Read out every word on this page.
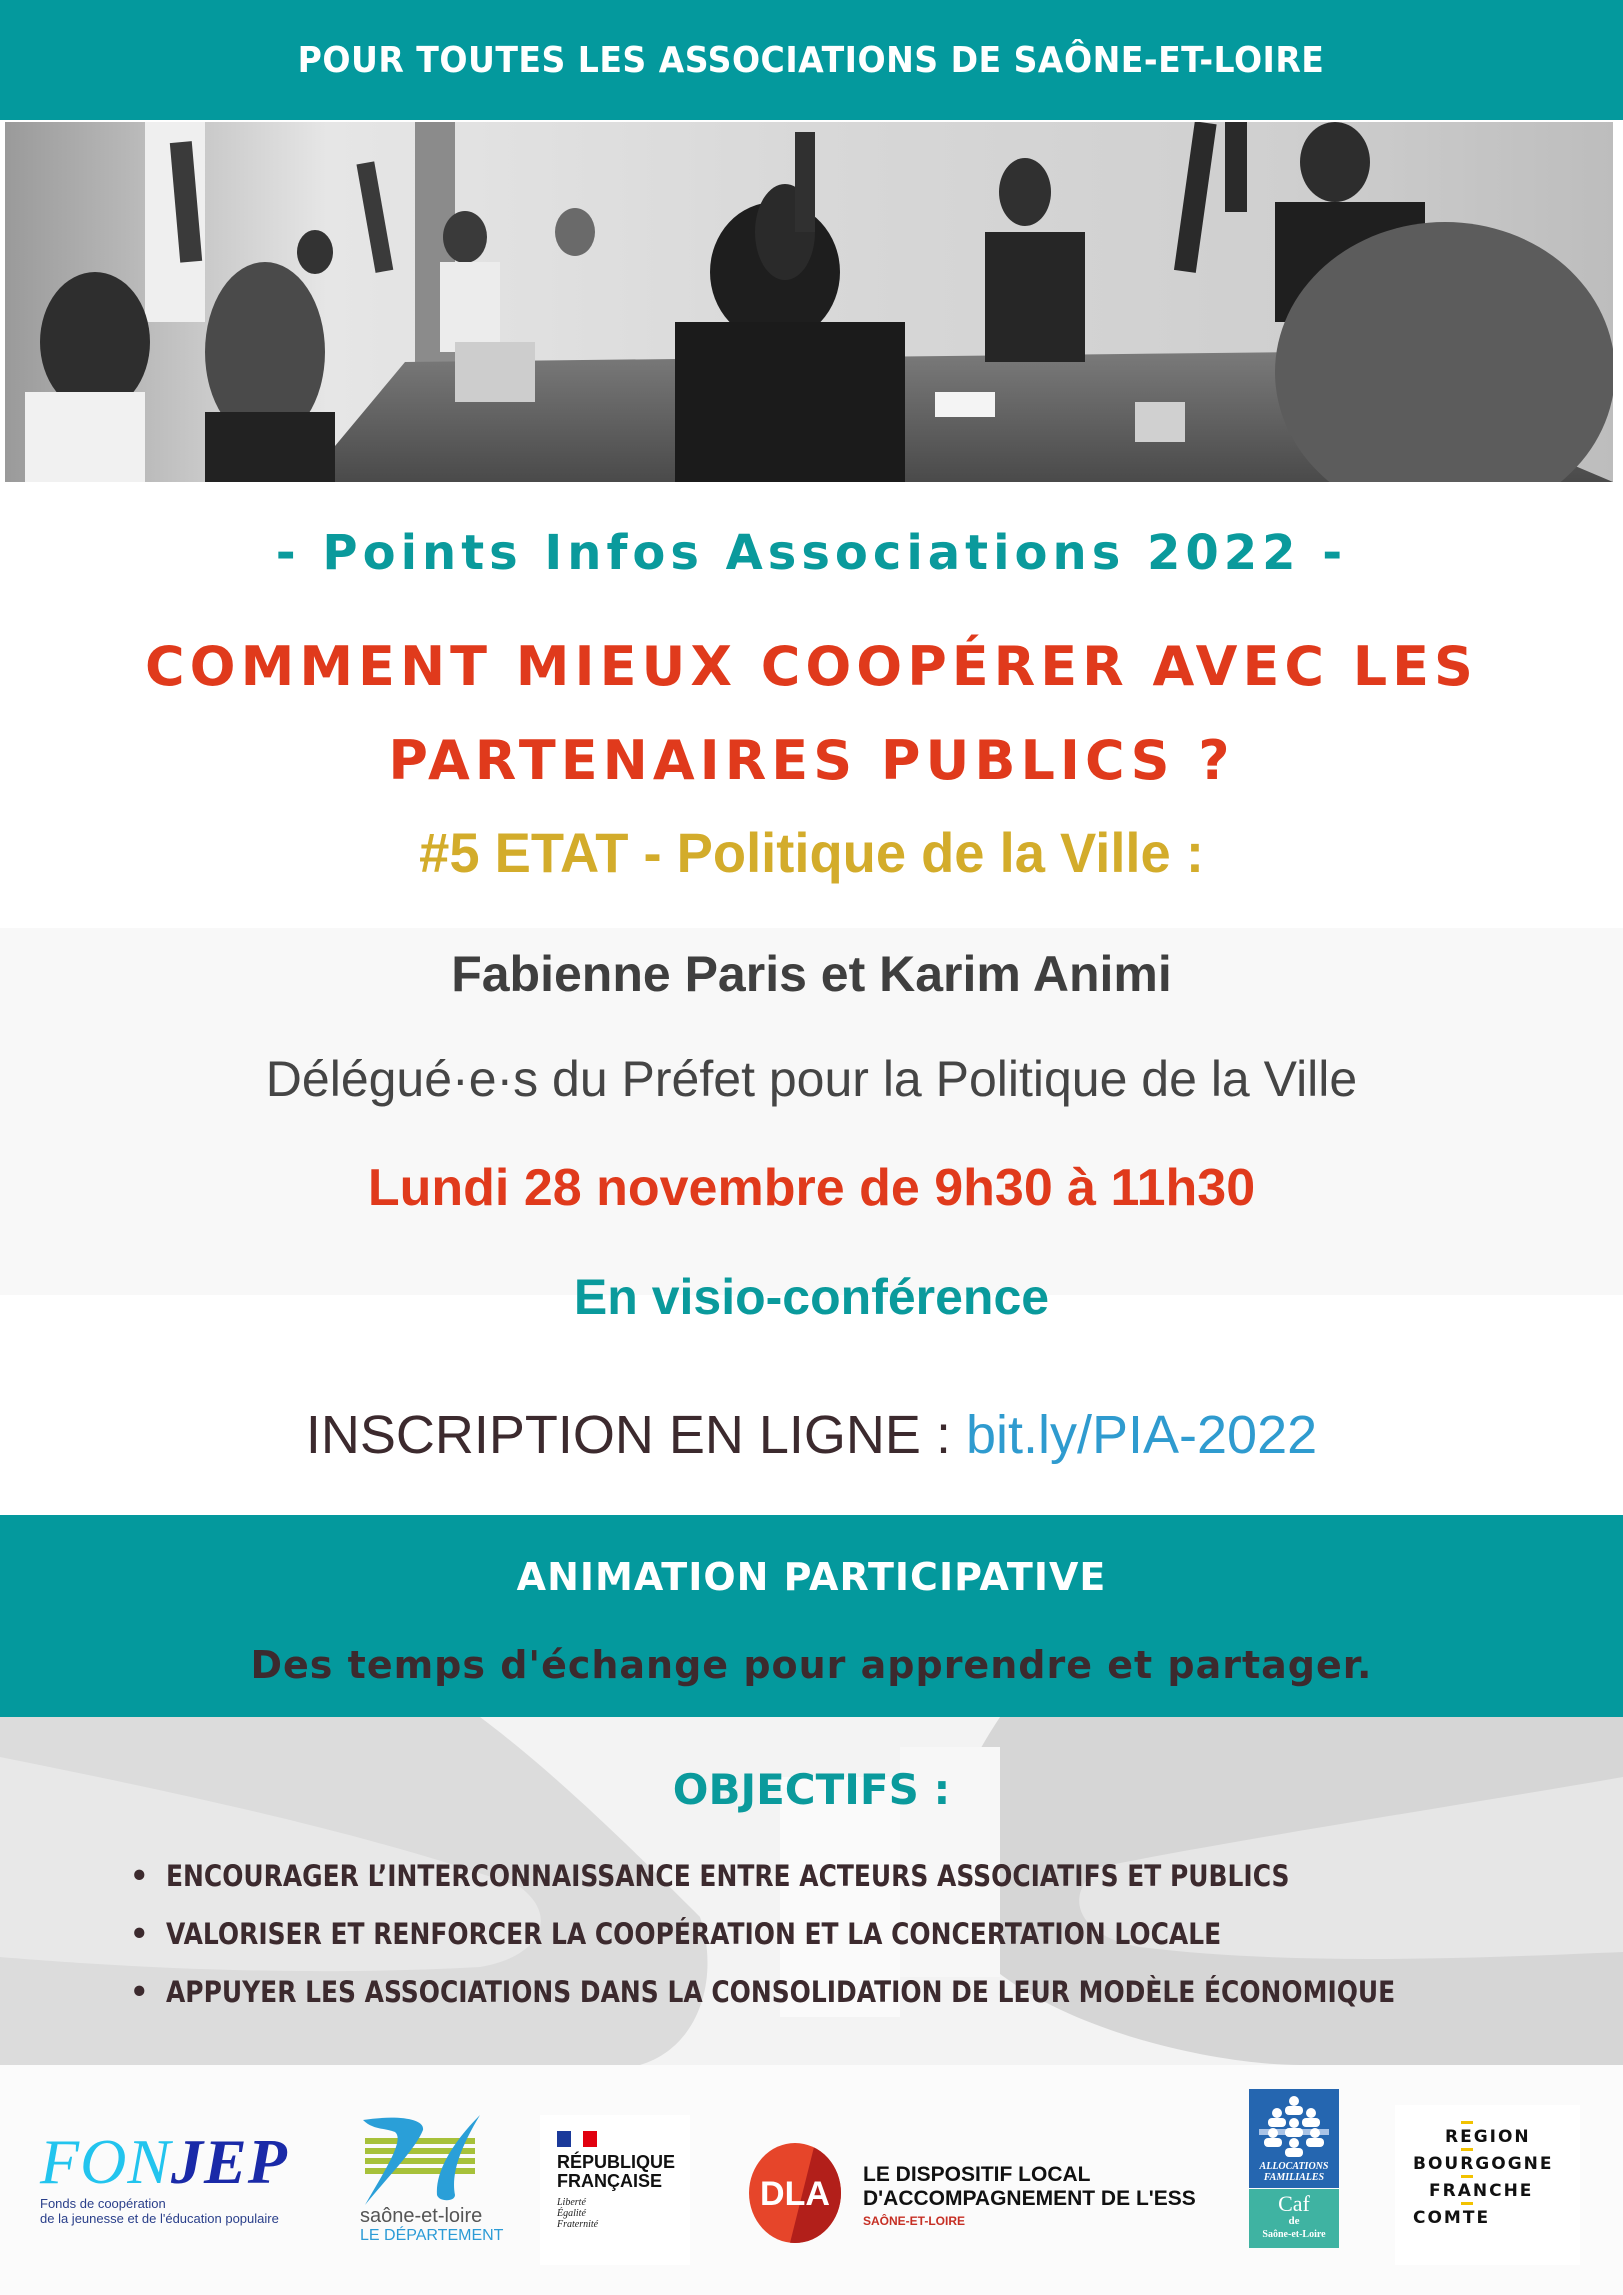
POUR TOUTES LES ASSOCIATIONS DE SAÔNE-ET-LOIRE
- Points Infos Associations 2022 -
COMMENT MIEUX COOPÉRER AVEC LES
PARTENAIRES PUBLICS ?
#5 ETAT - Politique de la Ville :
Fabienne Paris et Karim Animi
Délégué·e·s du Préfet pour la Politique de la Ville
Lundi 28 novembre de 9h30 à 11h30
En visio-conférence
INSCRIPTION EN LIGNE : bit.ly/PIA-2022
ANIMATION PARTICIPATIVE
Des temps d'échange pour apprendre et partager.
OBJECTIFS :
• ENCOURAGER L’INTERCONNAISSANCE ENTRE ACTEURS ASSOCIATIFS ET PUBLICS
• VALORISER ET RENFORCER LA COOPÉRATION ET LA CONCERTATION LOCALE
• APPUYER LES ASSOCIATIONS DANS LA CONSOLIDATION DE LEUR MODÈLE ÉCONOMIQUE
FONJEP
Fonds de coopération
de la jeunesse et de l'éducation populaire	saône-et-loire
LE DÉPARTEMENT
RÉPUBLIQUE
FRANÇAISE
Liberté
Égalité
Fraternité
DLA
LE DISPOSITIF LOCAL
D'ACCOMPAGNEMENT DE L'ESS
SAÔNE-ET-LOIRE
ALLOCATIONS
FAMILIALES
Caf
de
Saône-et-Loire
REGION
BOURGOGNE
FRANCHE
COMTE
